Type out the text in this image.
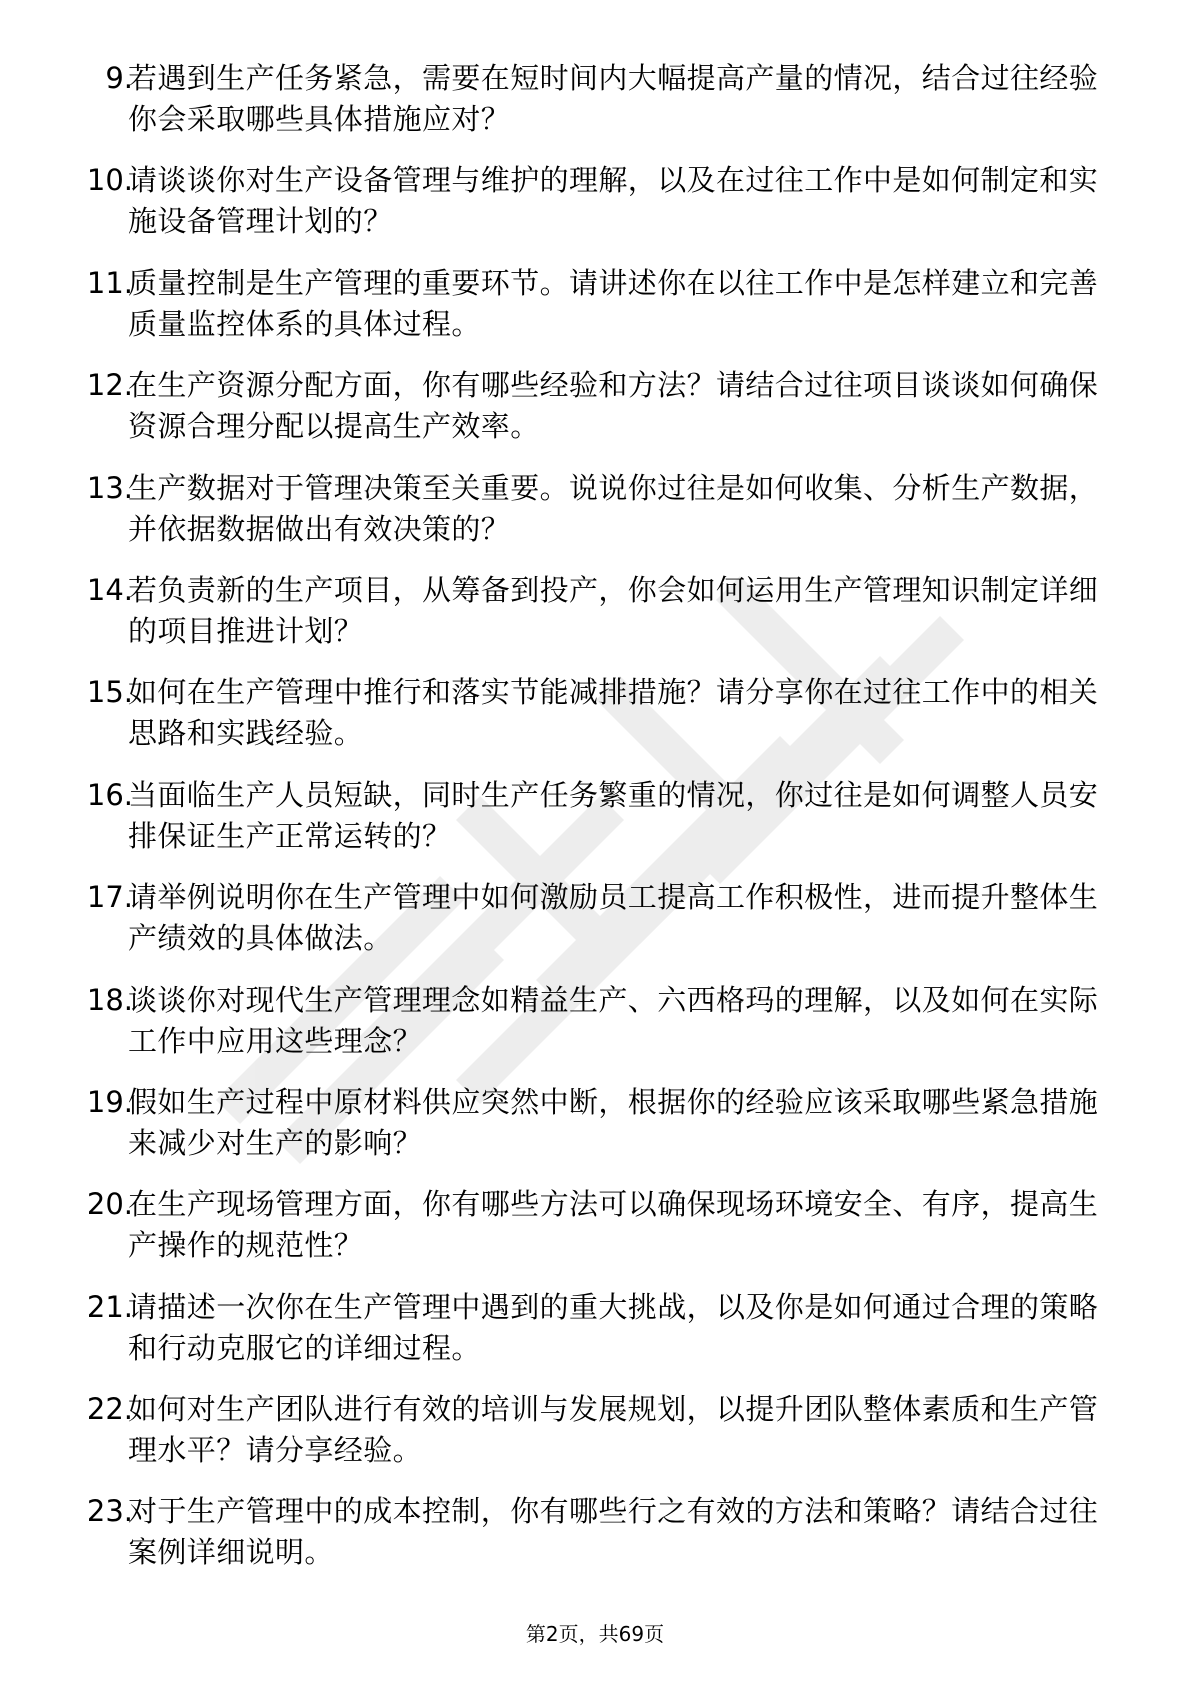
9.
若遇到生产任务紧急，需要在短时间内大幅提高产量的情况，结合过往经验你会采取哪些具体措施应对？
10.
请谈谈你对生产设备管理与维护的理解，以及在过往工作中是如何制定和实施设备管理计划的？
11.
质量控制是生产管理的重要环节。请讲述你在以往工作中是怎样建立和完善质量监控体系的具体过程。
12.
在生产资源分配方面，你有哪些经验和方法？请结合过往项目谈谈如何确保资源合理分配以提高生产效率。
13.
生产数据对于管理决策至关重要。说说你过往是如何收集、分析生产数据，并依据数据做出有效决策的？
14.
若负责新的生产项目，从筹备到投产，你会如何运用生产管理知识制定详细的项目推进计划？
15.
如何在生产管理中推行和落实节能减排措施？请分享你在过往工作中的相关思路和实践经验。
16.
当面临生产人员短缺，同时生产任务繁重的情况，你过往是如何调整人员安排保证生产正常运转的？
17.
请举例说明你在生产管理中如何激励员工提高工作积极性，进而提升整体生产绩效的具体做法。
18.
谈谈你对现代生产管理理念如精益生产、六西格玛的理解，以及如何在实际工作中应用这些理念？
19.
假如生产过程中原材料供应突然中断，根据你的经验应该采取哪些紧急措施来减少对生产的影响？
20.
在生产现场管理方面，你有哪些方法可以确保现场环境安全、有序，提高生产操作的规范性？
21.
请描述一次你在生产管理中遇到的重大挑战，以及你是如何通过合理的策略和行动克服它的详细过程。
22.
如何对生产团队进行有效的培训与发展规划，以提升团队整体素质和生产管理水平？请分享经验。
23.
对于生产管理中的成本控制，你有哪些行之有效的方法和策略？请结合过往案例详细说明。
第2页，共69页
